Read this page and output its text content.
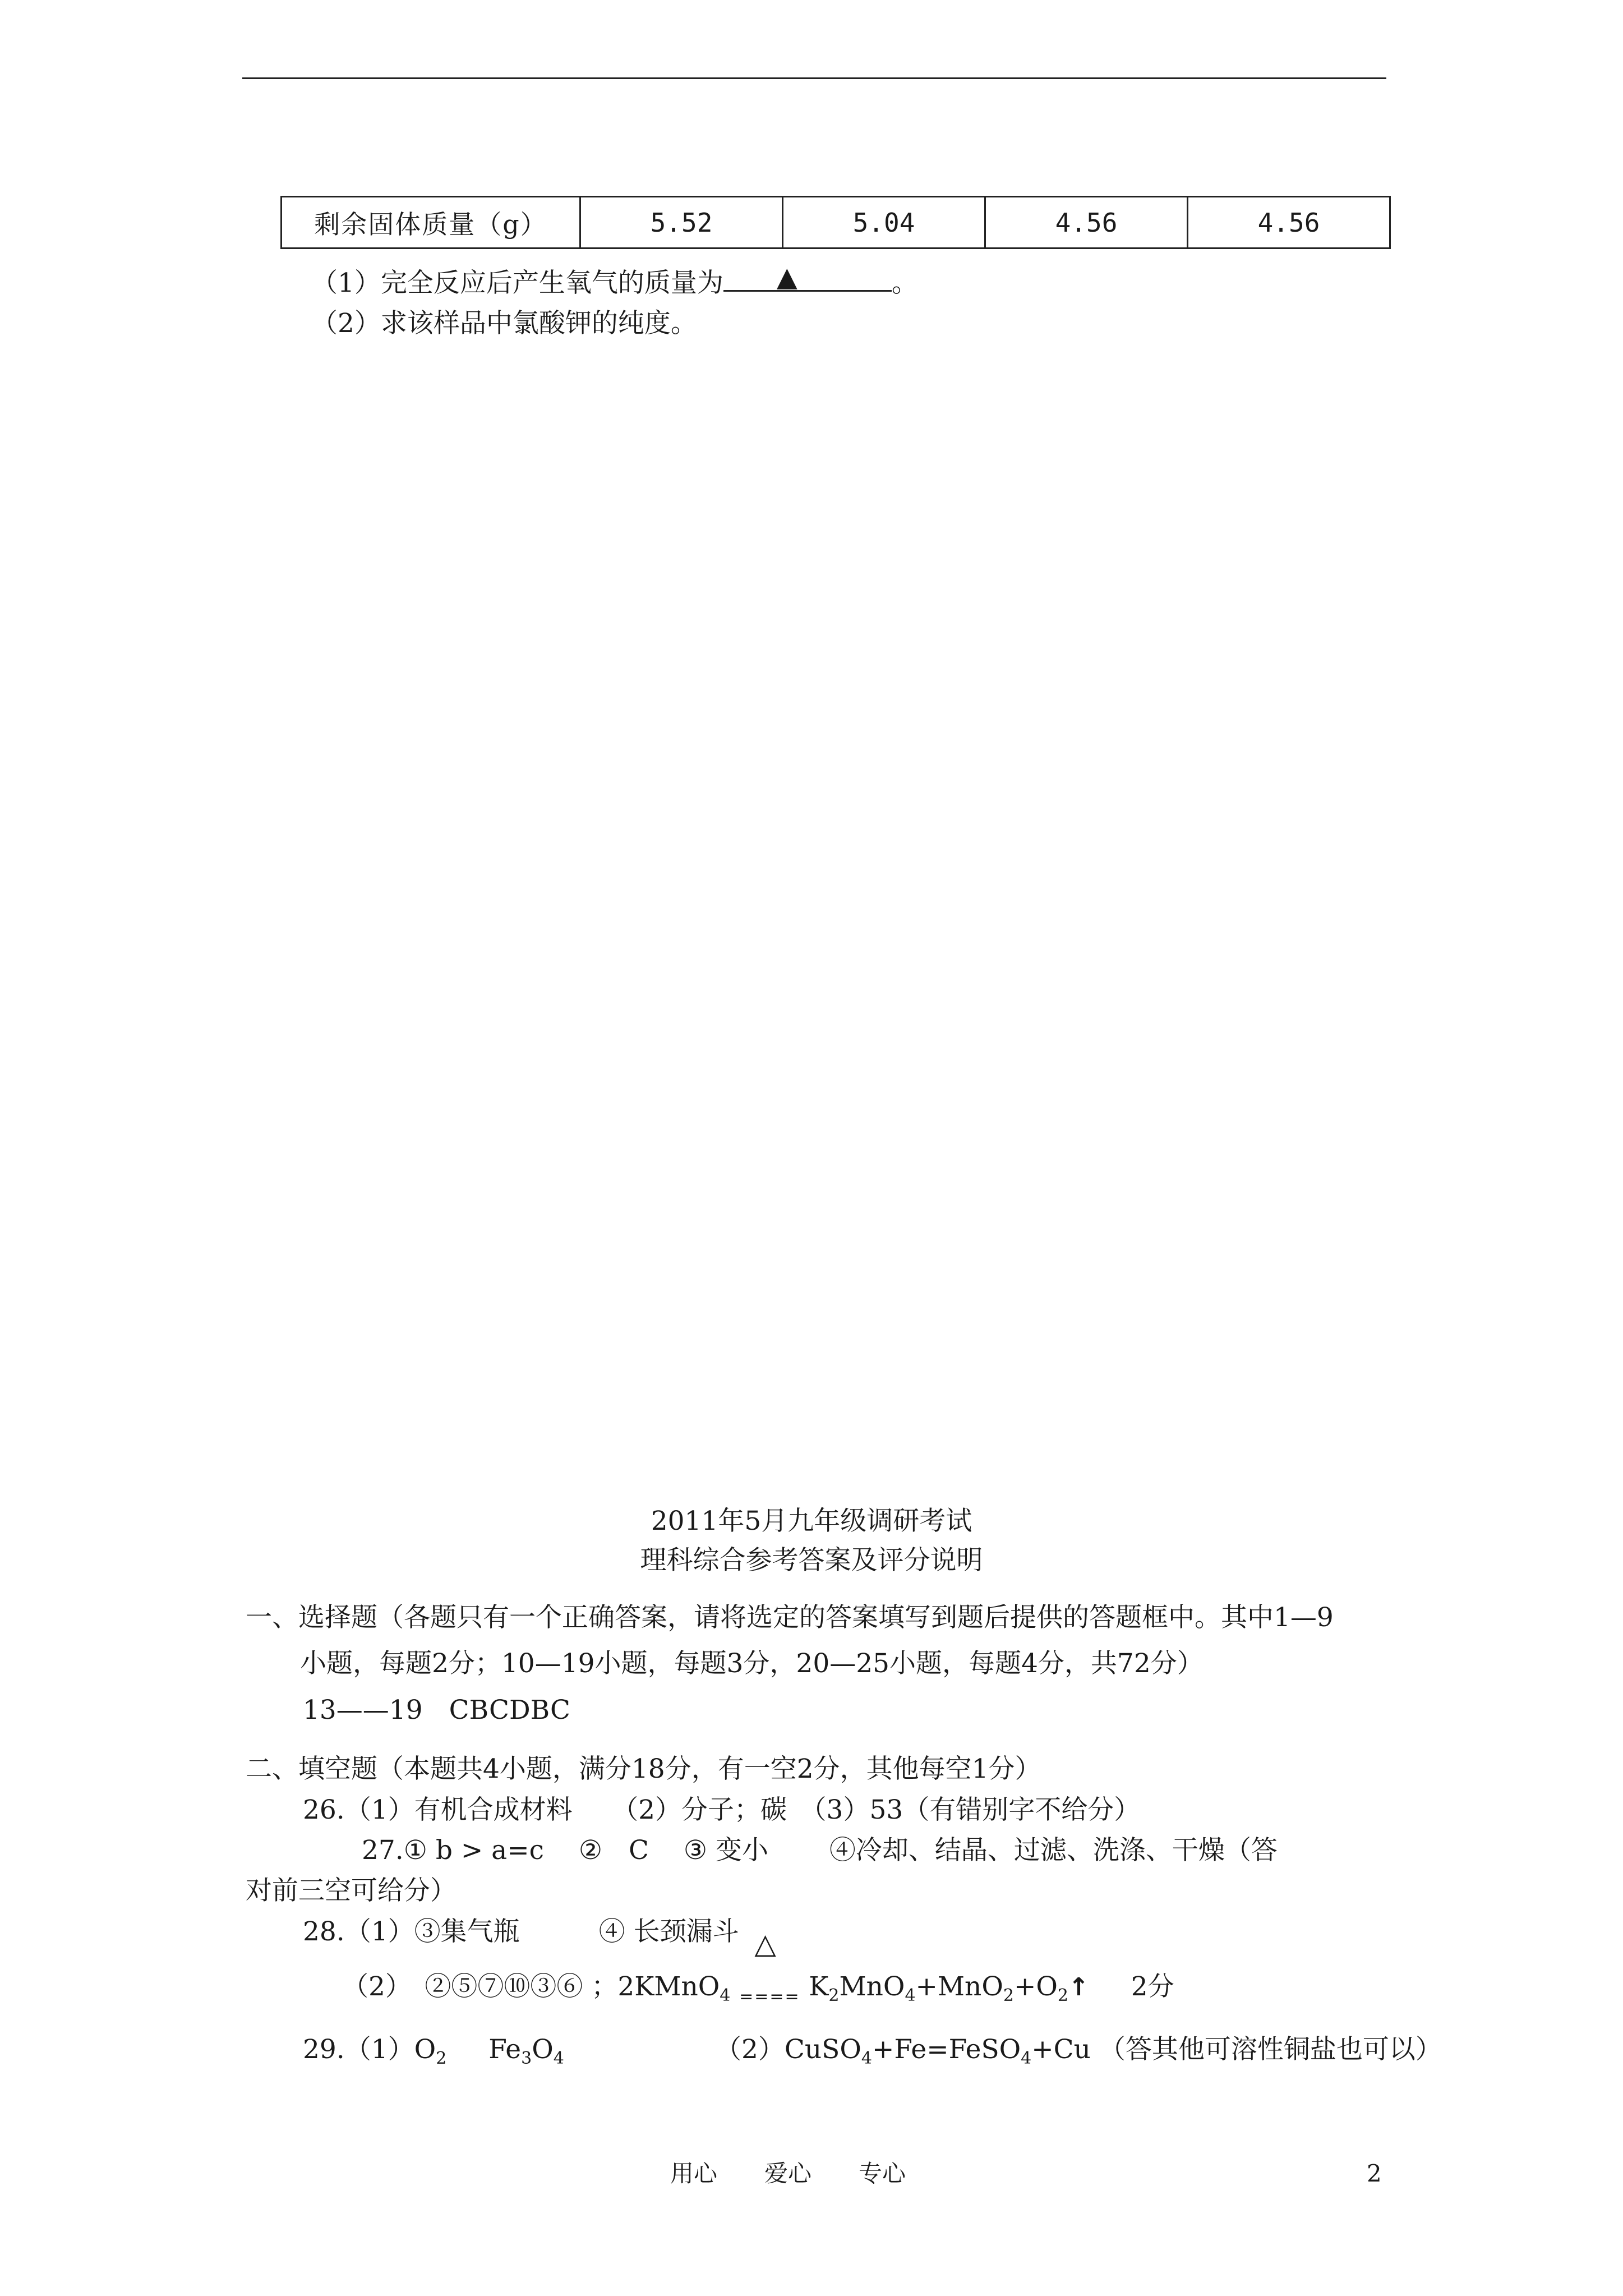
剩余固体质量（g）	5.52	5.04	4.56	4.56
（1）完全反应后产生氧气的质量为 ▲	。
（2）求该样品中氯酸钾的纯度。
2011年5月九年级调研考试
理科综合参考答案及评分说明
一、选择题（各题只有一个正确答案，请将选定的答案填写到题后提供的答题框中。其中1—9
小题，每题2分；10—19小题，每题3分，20—25小题，每题4分，共72分）
13——19　CBCDBC
二、填空题（本题共4小题，满分18分，有一空2分，其他每空1分）
26.（1）有机合成材料　　（2）分子；碳　（3）53（有错别字不给分）
27.① b > a=c　 ②　C　 ③ 变小　　 ④冷却、结晶、过滤、洗涤、干燥（答
对前三空可给分）
28.（1）③集气瓶　　　④ 长颈漏斗
（2）　②⑤⑦⑩③⑥ ；2KMnO$_4$
△
$_{====}$ $K_2MnO_4+MnO_2+O_2↑$ 2分
$29.(1)O_2$ $Fe_3O_4$	（2）CuSO$_4$+Fe=FeSO$_4$+Cu （答其他可溶性铜盐也可以）
用心　　爱心　　专心	2
